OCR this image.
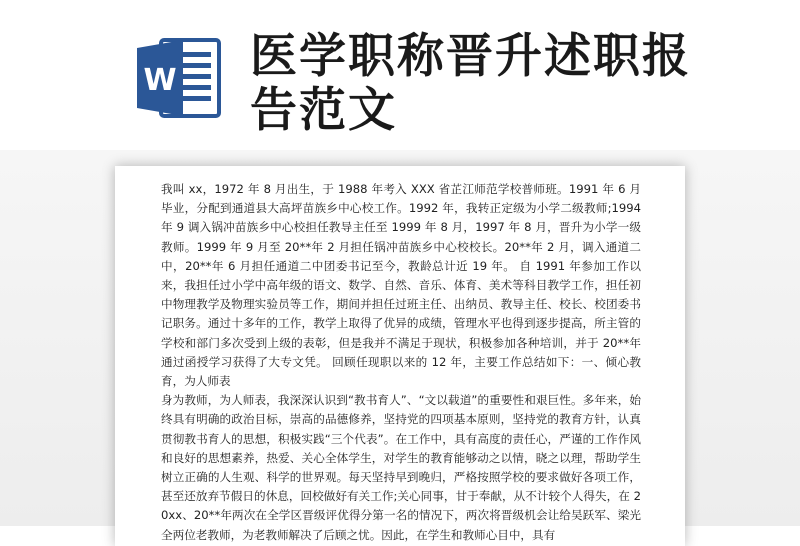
W 医学职称晋升述职报告范文

我叫 xx，1972 年 8 月出生，于 1988 年考入 XXX 省芷江师范学校普师班。1991 年 6 月毕业，分配到通道县大高坪苗族乡中心校工作。1992 年，我转正定级为小学二级教师;1994 年 9 调入锅冲苗族乡中心校担任教导主任至 1999 年 8 月，1997 年 8 月，晋升为小学一级教师。1999 年 9 月至 20**年 2 月担任锅冲苗族乡中心校校长。20**年 2 月，调入通道二中，20**年 6 月担任通道二中团委书记至今，教龄总计近 19 年。 自 1991 年参加工作以来，我担任过小学中高年级的语文、数学、自然、音乐、体育、美术等科目教学工作，担任初中物理教学及物理实验员等工作，期间并担任过班主任、出纳员、教导主任、校长、校团委书记职务。通过十多年的工作，教学上取得了优异的成绩，管理水平也得到逐步提高，所主管的学校和部门多次受到上级的表彰，但是我并不满足于现状，积极参加各种培训，并于 20**年通过函授学习获得了大专文凭。 回顾任现职以来的 12 年，主要工作总结如下：一、倾心教育，为人师表

身为教师，为人师表，我深深认识到“教书育人”、“文以载道”的重要性和艰巨性。多年来，始终具有明确的政治目标，崇高的品德修养，坚持党的四项基本原则，坚持党的教育方针，认真贯彻教书育人的思想，积极实践“三个代表”。在工作中，具有高度的责任心，严谨的工作作风和良好的思想素养，热爱、关心全体学生，对学生的教育能够动之以情，晓之以理，帮助学生树立正确的人生观、科学的世界观。每天坚持早到晚归，严格按照学校的要求做好各项工作，甚至还放弃节假日的休息，回校做好有关工作;关心同事，甘于奉献，从不计较个人得失，在 20xx、20**年两次在全学区晋级评优得分第一名的情况下，两次将晋级机会让给吴跃军、梁光全两位老教师，为老教师解决了后顾之忧。因此，在学生和教师心目中，具有
